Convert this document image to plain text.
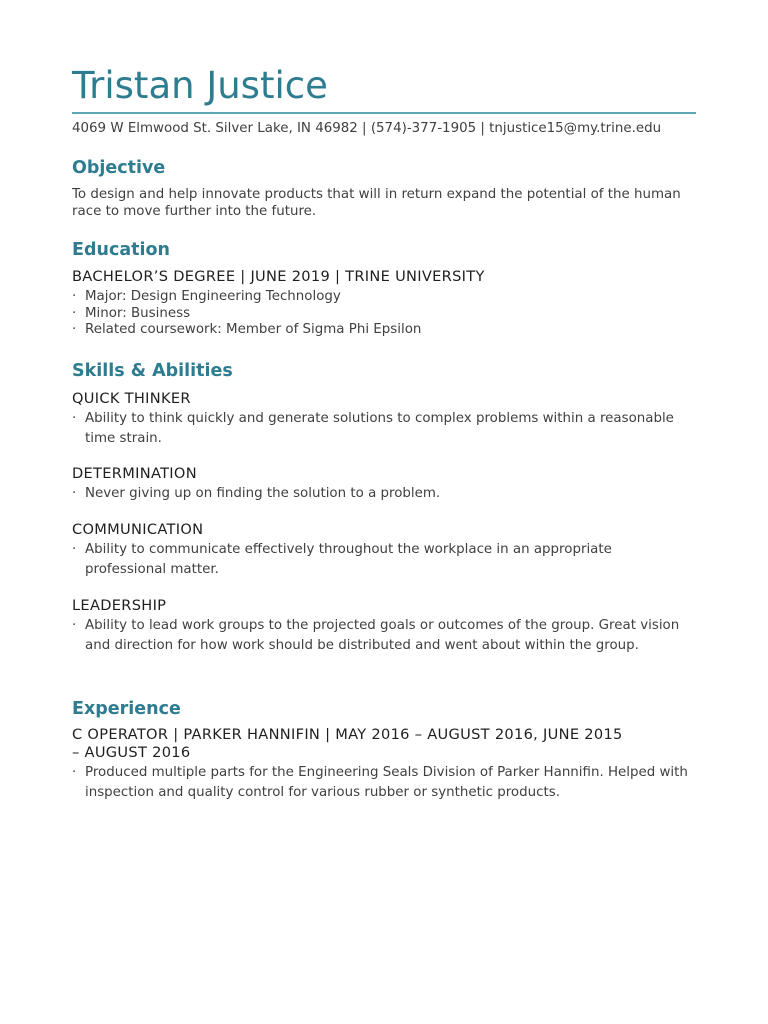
Tristan Justice
4069 W Elmwood St. Silver Lake, IN 46982 | (574)-377-1905 | tnjustice15@my.trine.edu
Objective
To design and help innovate products that will in return expand the potential of the human race to move further into the future.
Education
BACHELOR’S DEGREE | JUNE 2019 | TRINE UNIVERSITY
· Major: Design Engineering Technology
· Minor: Business
· Related coursework: Member of Sigma Phi Epsilon
Skills & Abilities
QUICK THINKER
· Ability to think quickly and generate solutions to complex problems within a reasonable time strain.
DETERMINATION
· Never giving up on finding the solution to a problem.
COMMUNICATION
· Ability to communicate effectively throughout the workplace in an appropriate professional matter.
LEADERSHIP
· Ability to lead work groups to the projected goals or outcomes of the group. Great vision and direction for how work should be distributed and went about within the group.
Experience
C OPERATOR | PARKER HANNIFIN | MAY 2016 – AUGUST 2016, JUNE 2015
– AUGUST 2016
· Produced multiple parts for the Engineering Seals Division of Parker Hannifin. Helped with inspection and quality control for various rubber or synthetic products.
